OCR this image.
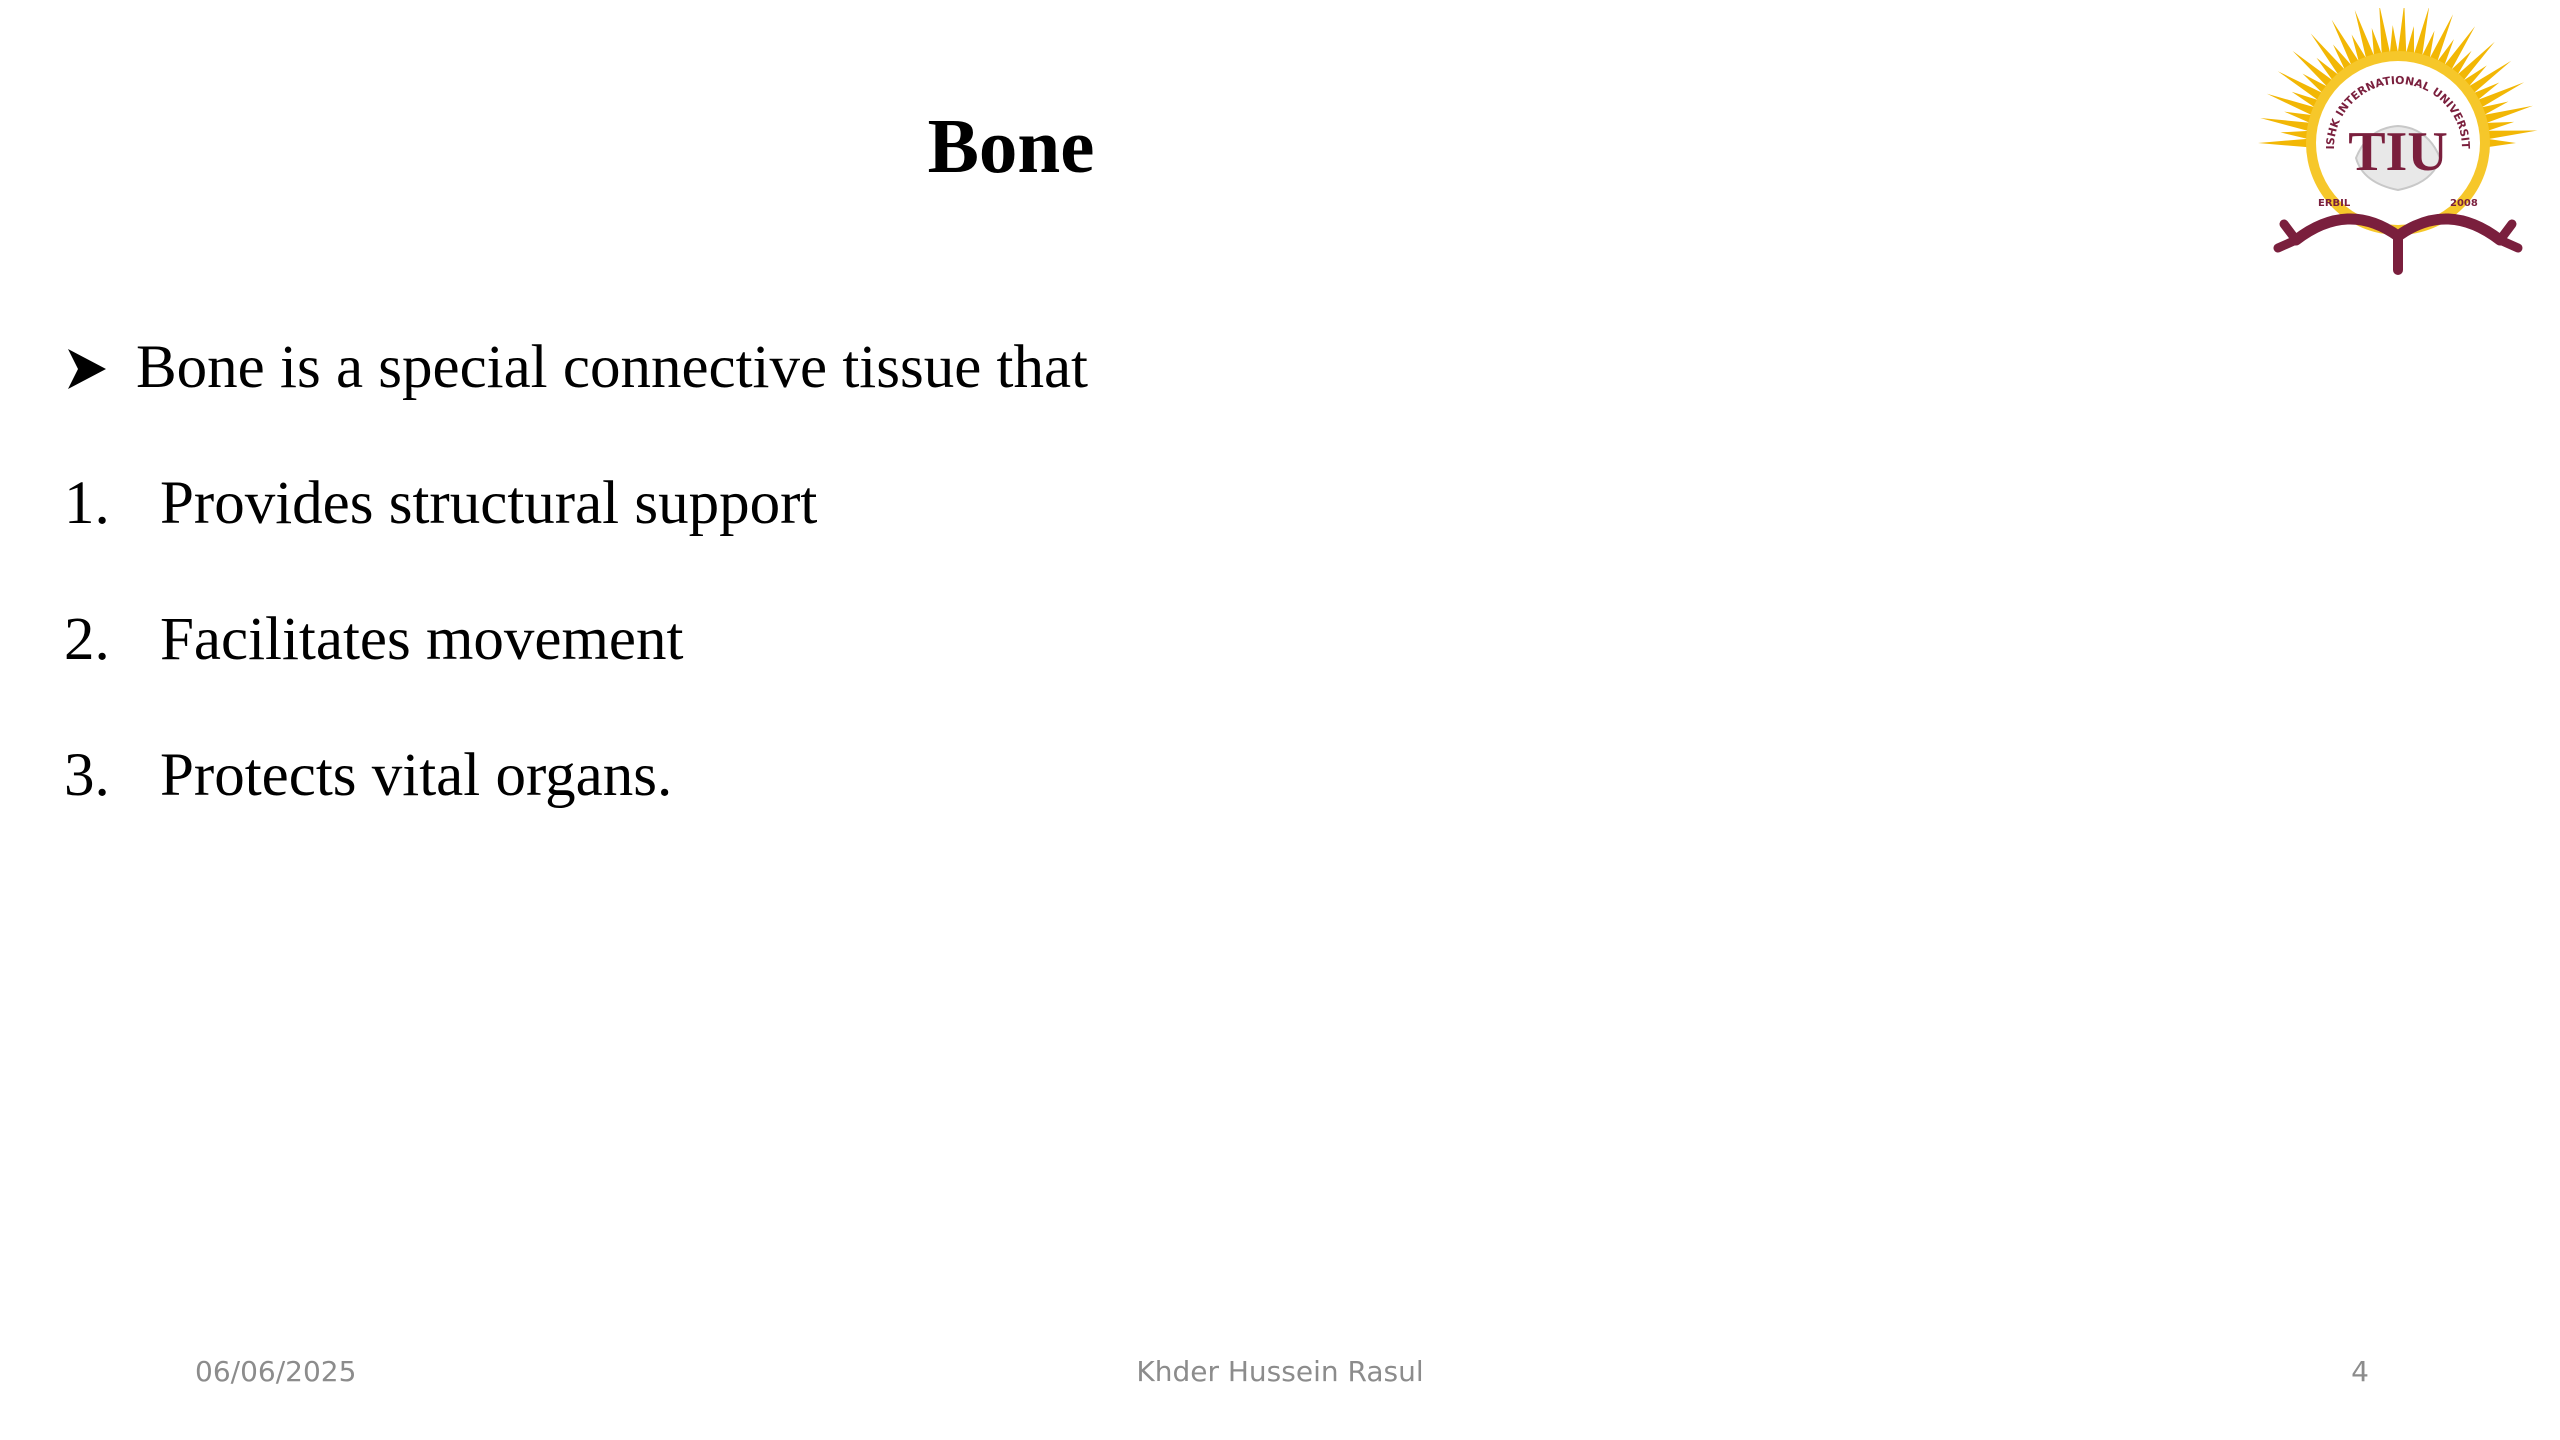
Bone	ISHK INTERNATIONAL UNIVERSIT
TIU
ERBIL	2008
Bone is a special connective tissue that
1. Provides structural support
2. Facilitates movement
3. Protects vital organs.
06/06/2025	Khder Hussein Rasul	4
